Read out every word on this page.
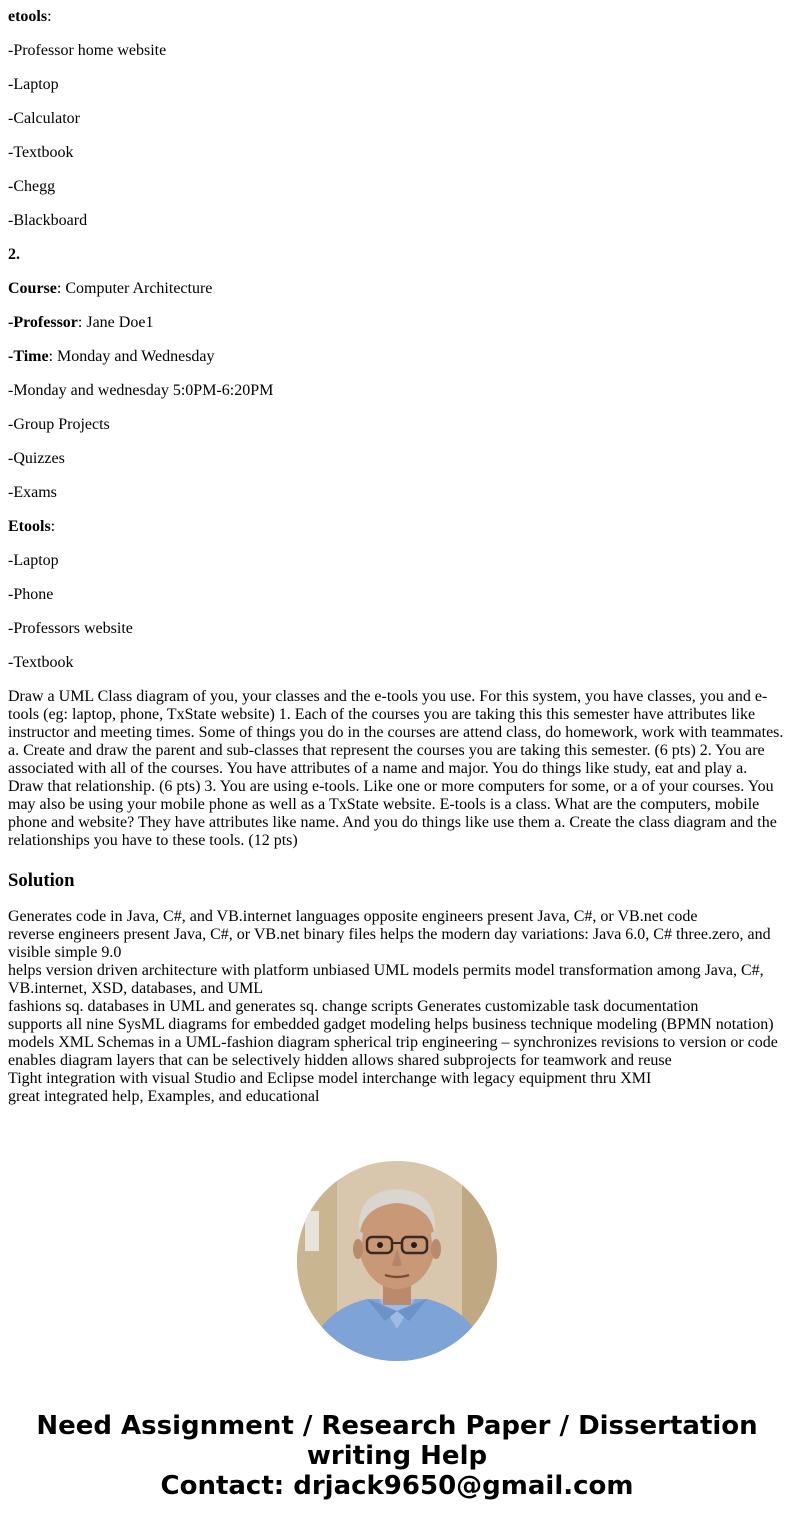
etools:

-Professor home website

-Laptop

-Calculator

-Textbook

-Chegg

-Blackboard

2.

Course: Computer Architecture

-Professor: Jane Doe1

-Time: Monday and Wednesday

-Monday and wednesday 5:0PM-6:20PM

-Group Projects

-Quizzes

-Exams

Etools:

-Laptop

-Phone

-Professors website

-Textbook

Draw a UML Class diagram of you, your classes and the e-tools you use. For this system, you have classes, you and e-tools (eg: laptop, phone, TxState website) 1. Each of the courses you are taking this this semester have attributes like instructor and meeting times. Some of things you do in the courses are attend class, do homework, work with teammates. a. Create and draw the parent and sub-classes that represent the courses you are taking this semester. (6 pts) 2. You are associated with all of the courses. You have attributes of a name and major. You do things like study, eat and play a. Draw that relationship. (6 pts) 3. You are using e-tools. Like one or more computers for some, or a of your courses. You may also be using your mobile phone as well as a TxState website. E-tools is a class. What are the computers, mobile phone and website? They have attributes like name. And you do things like use them a. Create the class diagram and the relationships you have to these tools. (12 pts)

Solution
Generates code in Java, C#, and VB.internet languages opposite engineers present Java, C#, or VB.net code
reverse engineers present Java, C#, or VB.net binary files helps the modern day variations: Java 6.0, C# three.zero, and visible simple 9.0
helps version driven architecture with platform unbiased UML models permits model transformation among Java, C#, VB.internet, XSD, databases, and UML
fashions sq. databases in UML and generates sq. change scripts Generates customizable task documentation
supports all nine SysML diagrams for embedded gadget modeling helps business technique modeling (BPMN notation)
models XML Schemas in a UML-fashion diagram spherical trip engineering – synchronizes revisions to version or code
enables diagram layers that can be selectively hidden allows shared subprojects for teamwork and reuse
Tight integration with visual Studio and Eclipse model interchange with legacy equipment thru XMI
great integrated help, Examples, and educational
Need Assignment / Research Paper / Dissertation
writing Help
Contact: drjack9650@gmail.com
